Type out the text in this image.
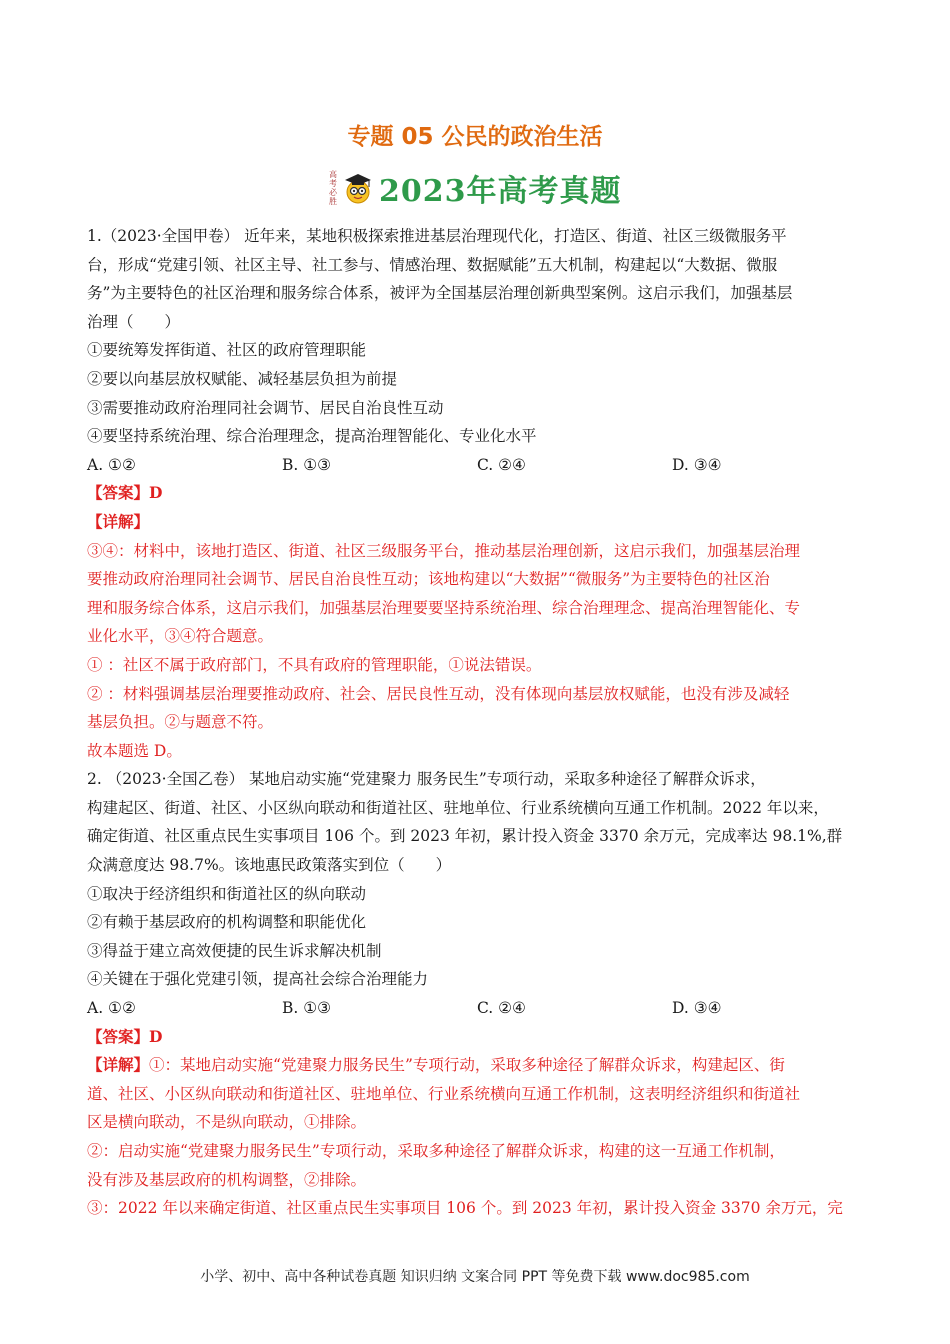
专题 05 公民的政治生活
高考必胜 2023年高考真题
1.（2023·全国甲卷） 近年来，某地积极探索推进基层治理现代化，打造区、街道、社区三级微服务平
台，形成“党建引领、社区主导、社工参与、情感治理、数据赋能”五大机制，构建起以“大数据、微服
务”为主要特色的社区治理和服务综合体系，被评为全国基层治理创新典型案例。这启示我们，加强基层
治理（　　）
①要统筹发挥街道、社区的政府管理职能
②要以向基层放权赋能、减轻基层负担为前提
③需要推动政府治理同社会调节、居民自治良性互动
④要坚持系统治理、综合治理理念，提高治理智能化、专业化水平
A. ①②	B. ①③	C. ②④	D. ③④
【答案】D
【详解】
③④：材料中，该地打造区、街道、社区三级服务平台，推动基层治理创新，这启示我们，加强基层治理
要推动政府治理同社会调节、居民自治良性互动；该地构建以“大数据”“微服务”为主要特色的社区治
理和服务综合体系，这启示我们，加强基层治理要要坚持系统治理、综合治理理念、提高治理智能化、专
业化水平，③④符合题意。
① ：社区不属于政府部门，不具有政府的管理职能，①说法错误。
② ：材料强调基层治理要推动政府、社会、居民良性互动，没有体现向基层放权赋能，也没有涉及减轻
基层负担。②与题意不符。
故本题选 D。
2. （2023·全国乙卷） 某地启动实施“党建聚力 服务民生”专项行动，采取多种途径了解群众诉求，
构建起区、街道、社区、小区纵向联动和街道社区、驻地单位、行业系统横向互通工作机制。2022 年以来，
确定街道、社区重点民生实事项目 106 个。到 2023 年初，累计投入资金 3370 余万元，完成率达 98.1%,群
众满意度达 98.7%。该地惠民政策落实到位（　　）
①取决于经济组织和街道社区的纵向联动
②有赖于基层政府的机构调整和职能优化
③得益于建立高效便捷的民生诉求解决机制
④关键在于强化党建引领，提高社会综合治理能力
A. ①②	B. ①③	C. ②④	D. ③④
【答案】D
【详解】①：某地启动实施“党建聚力服务民生”专项行动，采取多种途径了解群众诉求，构建起区、街
道、社区、小区纵向联动和街道社区、驻地单位、行业系统横向互通工作机制，这表明经济组织和街道社
区是横向联动，不是纵向联动，①排除。
②：启动实施“党建聚力服务民生”专项行动，采取多种途径了解群众诉求，构建的这一互通工作机制，
没有涉及基层政府的机构调整，②排除。
③：2022 年以来确定街道、社区重点民生实事项目 106 个。到 2023 年初，累计投入资金 3370 余万元，完
小学、初中、高中各种试卷真题 知识归纳 文案合同 PPT 等免费下载 www.doc985.com
